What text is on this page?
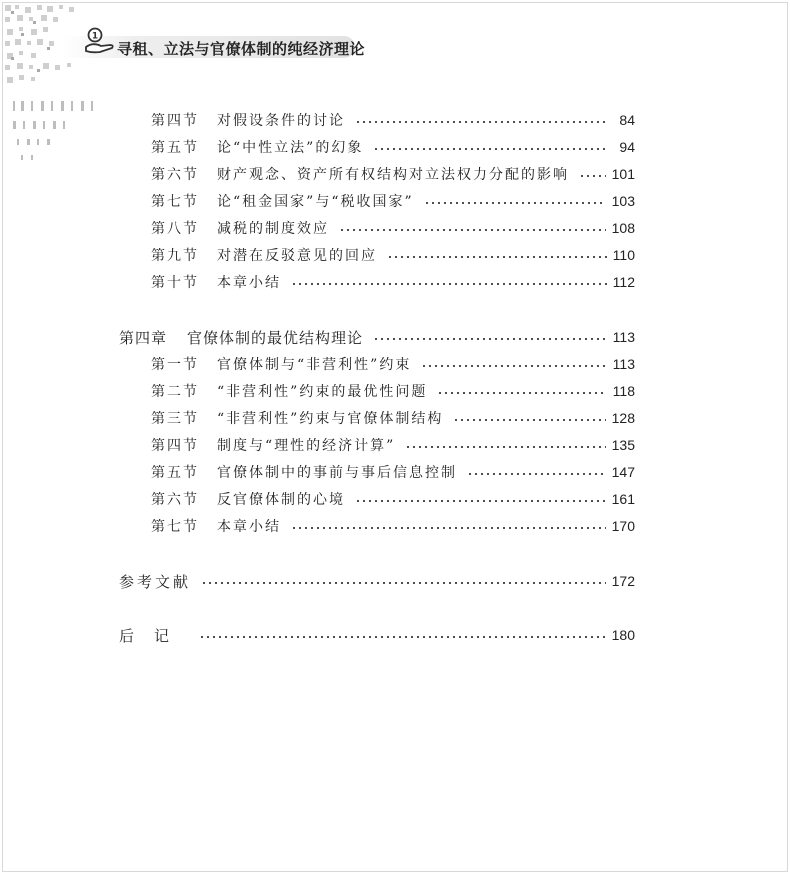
1
寻租、立法与官僚体制的纯经济理论
第四节	对假设条件的讨论	84
第五节	论“中性立法”的幻象	94
第六节	财产观念、资产所有权结构对立法权力分配的影响	101
第七节	论“租金国家”与“税收国家”	103
第八节	减税的制度效应	108
第九节	对潜在反驳意见的回应	110
第十节	本章小结	112
第四章	官僚体制的最优结构理论	113
第一节	官僚体制与“非营利性”约束	113
第二节	“非营利性”约束的最优性问题	118
第三节	“非营利性”约束与官僚体制结构	128
第四节	制度与“理性的经济计算”	135
第五节	官僚体制中的事前与事后信息控制	147
第六节	反官僚体制的心境	161
第七节	本章小结	170
参考文献	172
后记	180
